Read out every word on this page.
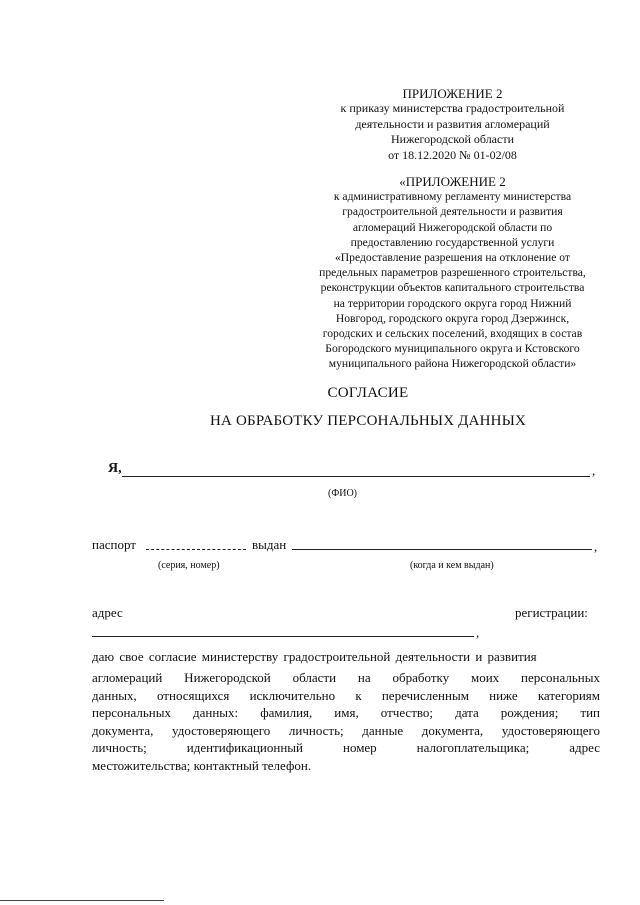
ПРИЛОЖЕНИЕ 2
к приказу министерства градостроительной
деятельности и развития агломераций
Нижегородской области
от 18.12.2020 № 01-02/08
«ПРИЛОЖЕНИЕ 2
к административному регламенту министерства
градостроительной деятельности и развития
агломераций Нижегородской области по
предоставлению государственной услуги
«Предоставление разрешения на отклонение от
предельных параметров разрешенного строительства,
реконструкции объектов капитального строительства
на территории городского округа город Нижний
Новгород, городского округа город Дзержинск,
городских и сельских поселений, входящих в состав
Богородского муниципального округа и Кстовского
муниципального района Нижегородской области»
СОГЛАСИЕ
НА ОБРАБОТКУ ПЕРСОНАЛЬНЫХ ДАННЫХ
Я,	,
(ФИО)
паспорт	выдан	,
(серия, номер)	(когда и кем выдан)
адрес	регистрации:
,
даю свое согласие министерству градостроительной деятельности и развития
агломераций Нижегородской области на обработку моих персональных
данных, относящихся исключительно к перечисленным ниже категориям
персональных данных: фамилия, имя, отчество; дата рождения; тип
документа, удостоверяющего личность; данные документа, удостоверяющего
личность; идентификационный номер налогоплательщика; адрес
местожительства; контактный телефон.
